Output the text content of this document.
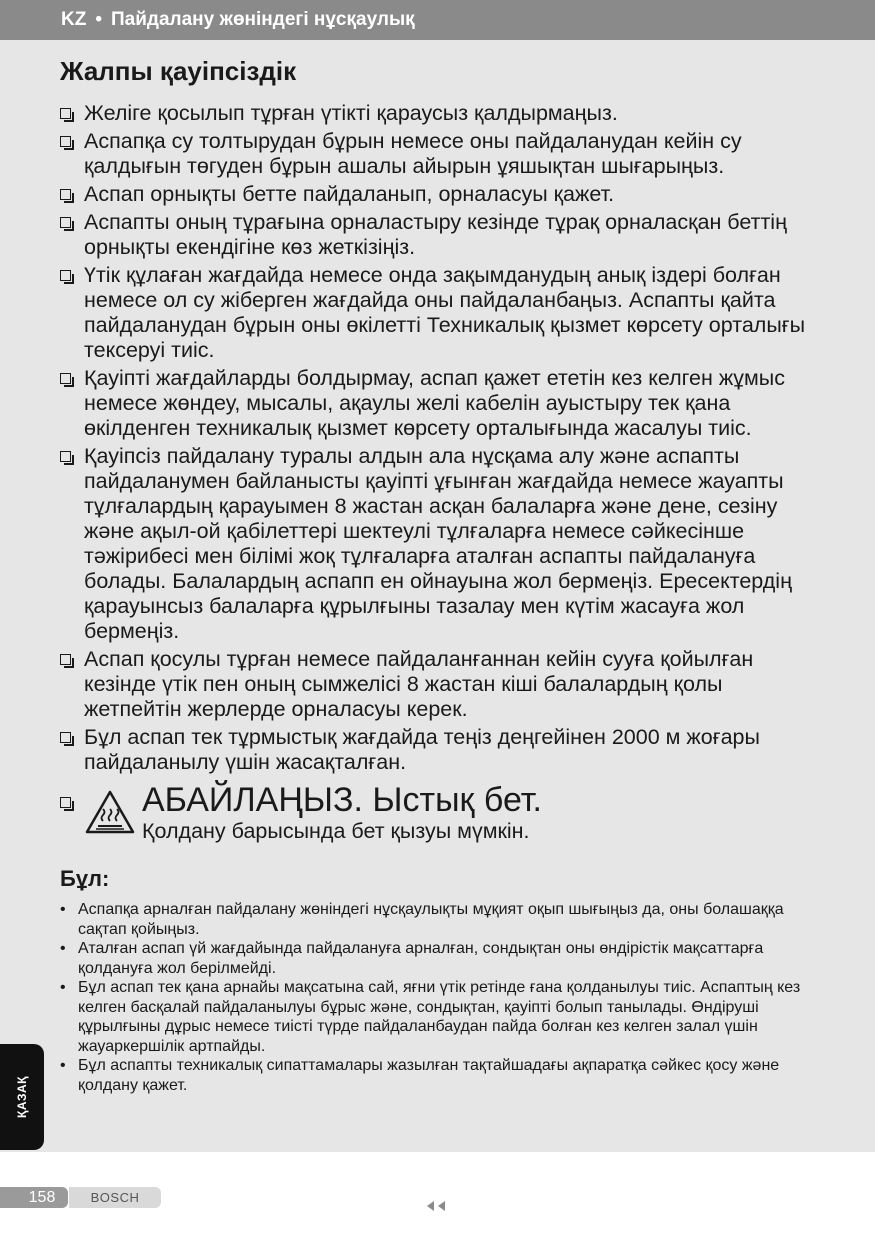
KZ • Пайдалану жөніндегі нұсқаулық
Жалпы қауіпсіздік
Желіге қосылып тұрған үтікті қараусыз қалдырмаңыз.
Аспапқа су толтырудан бұрын немесе оны пайдаланудан кейін су қалдығын төгуден бұрын ашалы айырын ұяшықтан шығарыңыз.
Аспап орнықты бетте пайдаланып, орналасуы қажет.
Аспапты оның тұрағына орналастыру кезінде тұрақ орналасқан беттің орнықты екендігіне көз жеткізіңіз.
Үтік құлаған жағдайда немесе онда зақымданудың анық іздері болған немесе ол су жіберген жағдайда оны пайдаланбаңыз. Аспапты қайта пайдаланудан бұрын оны өкілетті Техникалық қызмет көрсету орталығы тексеруі тиіс.
Қауіпті жағдайларды болдырмау, аспап қажет ететін кез келген жұмыс немесе жөндеу, мысалы, ақаулы желі кабелін ауыстыру тек қана өкілденген техникалық қызмет көрсету орталығында жасалуы тиіс.
Қауіпсіз пайдалану туралы алдын ала нұсқама алу және аспапты пайдаланумен байланысты қауіпті ұғынған жағдайда немесе жауапты тұлғалардың қарауымен 8 жастан асқан балаларға және дене, сезіну және ақыл-ой қабілеттері шектеулі тұлғаларға немесе сәйкесінше тәжірибесі мен білімі жоқ тұлғаларға аталған аспапты пайдалануға болады. Балалардың аспапп ен ойнауына жол бермеңіз. Ересектердің қарауынсыз балаларға құрылғыны тазалау мен күтім жасауға жол бермеңіз.
Аспап қосулы тұрған немесе пайдаланғаннан кейін сууға қойылған кезінде үтік пен оның сымжелісі 8 жастан кіші балалардың қолы жетпейтін жерлерде орналасуы керек.
Бұл аспап тек тұрмыстық жағдайда теңіз деңгейінен 2000 м жоғары пайдаланылу үшін жасақталған.
АБАЙЛАҢЫЗ. Ыстық бет.
Қолдану барысында бет қызуы мүмкін.
Бұл:
• Аспапқа арналған пайдалану жөніндегі нұсқаулықты мұқият оқып шығыңыз да, оны болашаққа сақтап қойыңыз.
• Аталған аспап үй жағдайында пайдалануға арналған, сондықтан оны өндірістік мақсаттарға қолдануға жол берілмейді.
• Бұл аспап тек қана арнайы мақсатына сай, яғни үтік ретінде ғана қолданылуы тиіс. Аспаптың кез келген басқалай пайдаланылуы бұрыс және, сондықтан, қауіпті болып танылады. Өндіруші құрылғыны дұрыс немесе тиісті түрде пайдаланбаудан пайда болған кез келген залал үшін жауаркершілік артпайды.
• Бұл аспапты техникалық сипаттамалары жазылған тақтайшадағы ақпаратқа сәйкес қосу және қолдану қажет.
ҚАЗАҚ
158	BOSCH
